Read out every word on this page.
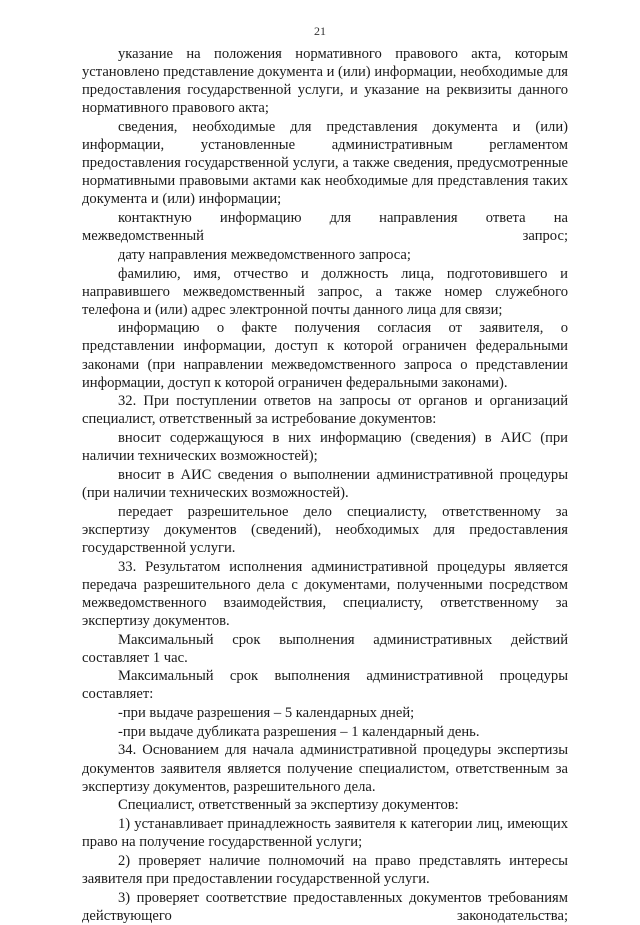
21

указание на положения нормативного правового акта, которым установлено представление документа и (или) информации, необходимые для предоставления государственной услуги, и указание на реквизиты данного нормативного правового акта;

сведения, необходимые для представления документа и (или) информации, установленные административным регламентом предоставления государственной услуги, а также сведения, предусмотренные нормативными правовыми актами как необходимые для представления таких документа и (или) информации;

контактную информацию для направления ответа на межведомственный запрос;

дату направления межведомственного запроса;

фамилию, имя, отчество и должность лица, подготовившего и направившего межведомственный запрос, а также номер служебного телефона и (или) адрес электронной почты данного лица для связи;

информацию о факте получения согласия от заявителя, о представлении информации, доступ к которой ограничен федеральными законами (при направлении межведомственного запроса о представлении информации, доступ к которой ограничен федеральными законами).

32. При поступлении ответов на запросы от органов и организаций специалист, ответственный за истребование документов:

вносит содержащуюся в них информацию (сведения) в АИС (при наличии технических возможностей);

вносит в АИС сведения о выполнении административной процедуры (при наличии технических возможностей).

передает разрешительное дело специалисту, ответственному за экспертизу документов (сведений), необходимых для предоставления государственной услуги.

33. Результатом исполнения административной процедуры является передача разрешительного дела с документами, полученными посредством межведомственного взаимодействия, специалисту, ответственному за экспертизу документов.

Максимальный срок выполнения административных действий составляет 1 час.

Максимальный срок выполнения административной процедуры составляет:

-при выдаче разрешения – 5 календарных дней;

-при выдаче дубликата разрешения – 1 календарный день.

34. Основанием для начала административной процедуры экспертизы документов заявителя является получение специалистом, ответственным за экспертизу документов, разрешительного дела.

Специалист, ответственный за экспертизу документов:

1) устанавливает принадлежность заявителя к категории лиц, имеющих право на получение государственной услуги;

2) проверяет наличие полномочий на право представлять интересы заявителя при предоставлении государственной услуги.

3) проверяет соответствие предоставленных документов требованиям действующего законодательства;
